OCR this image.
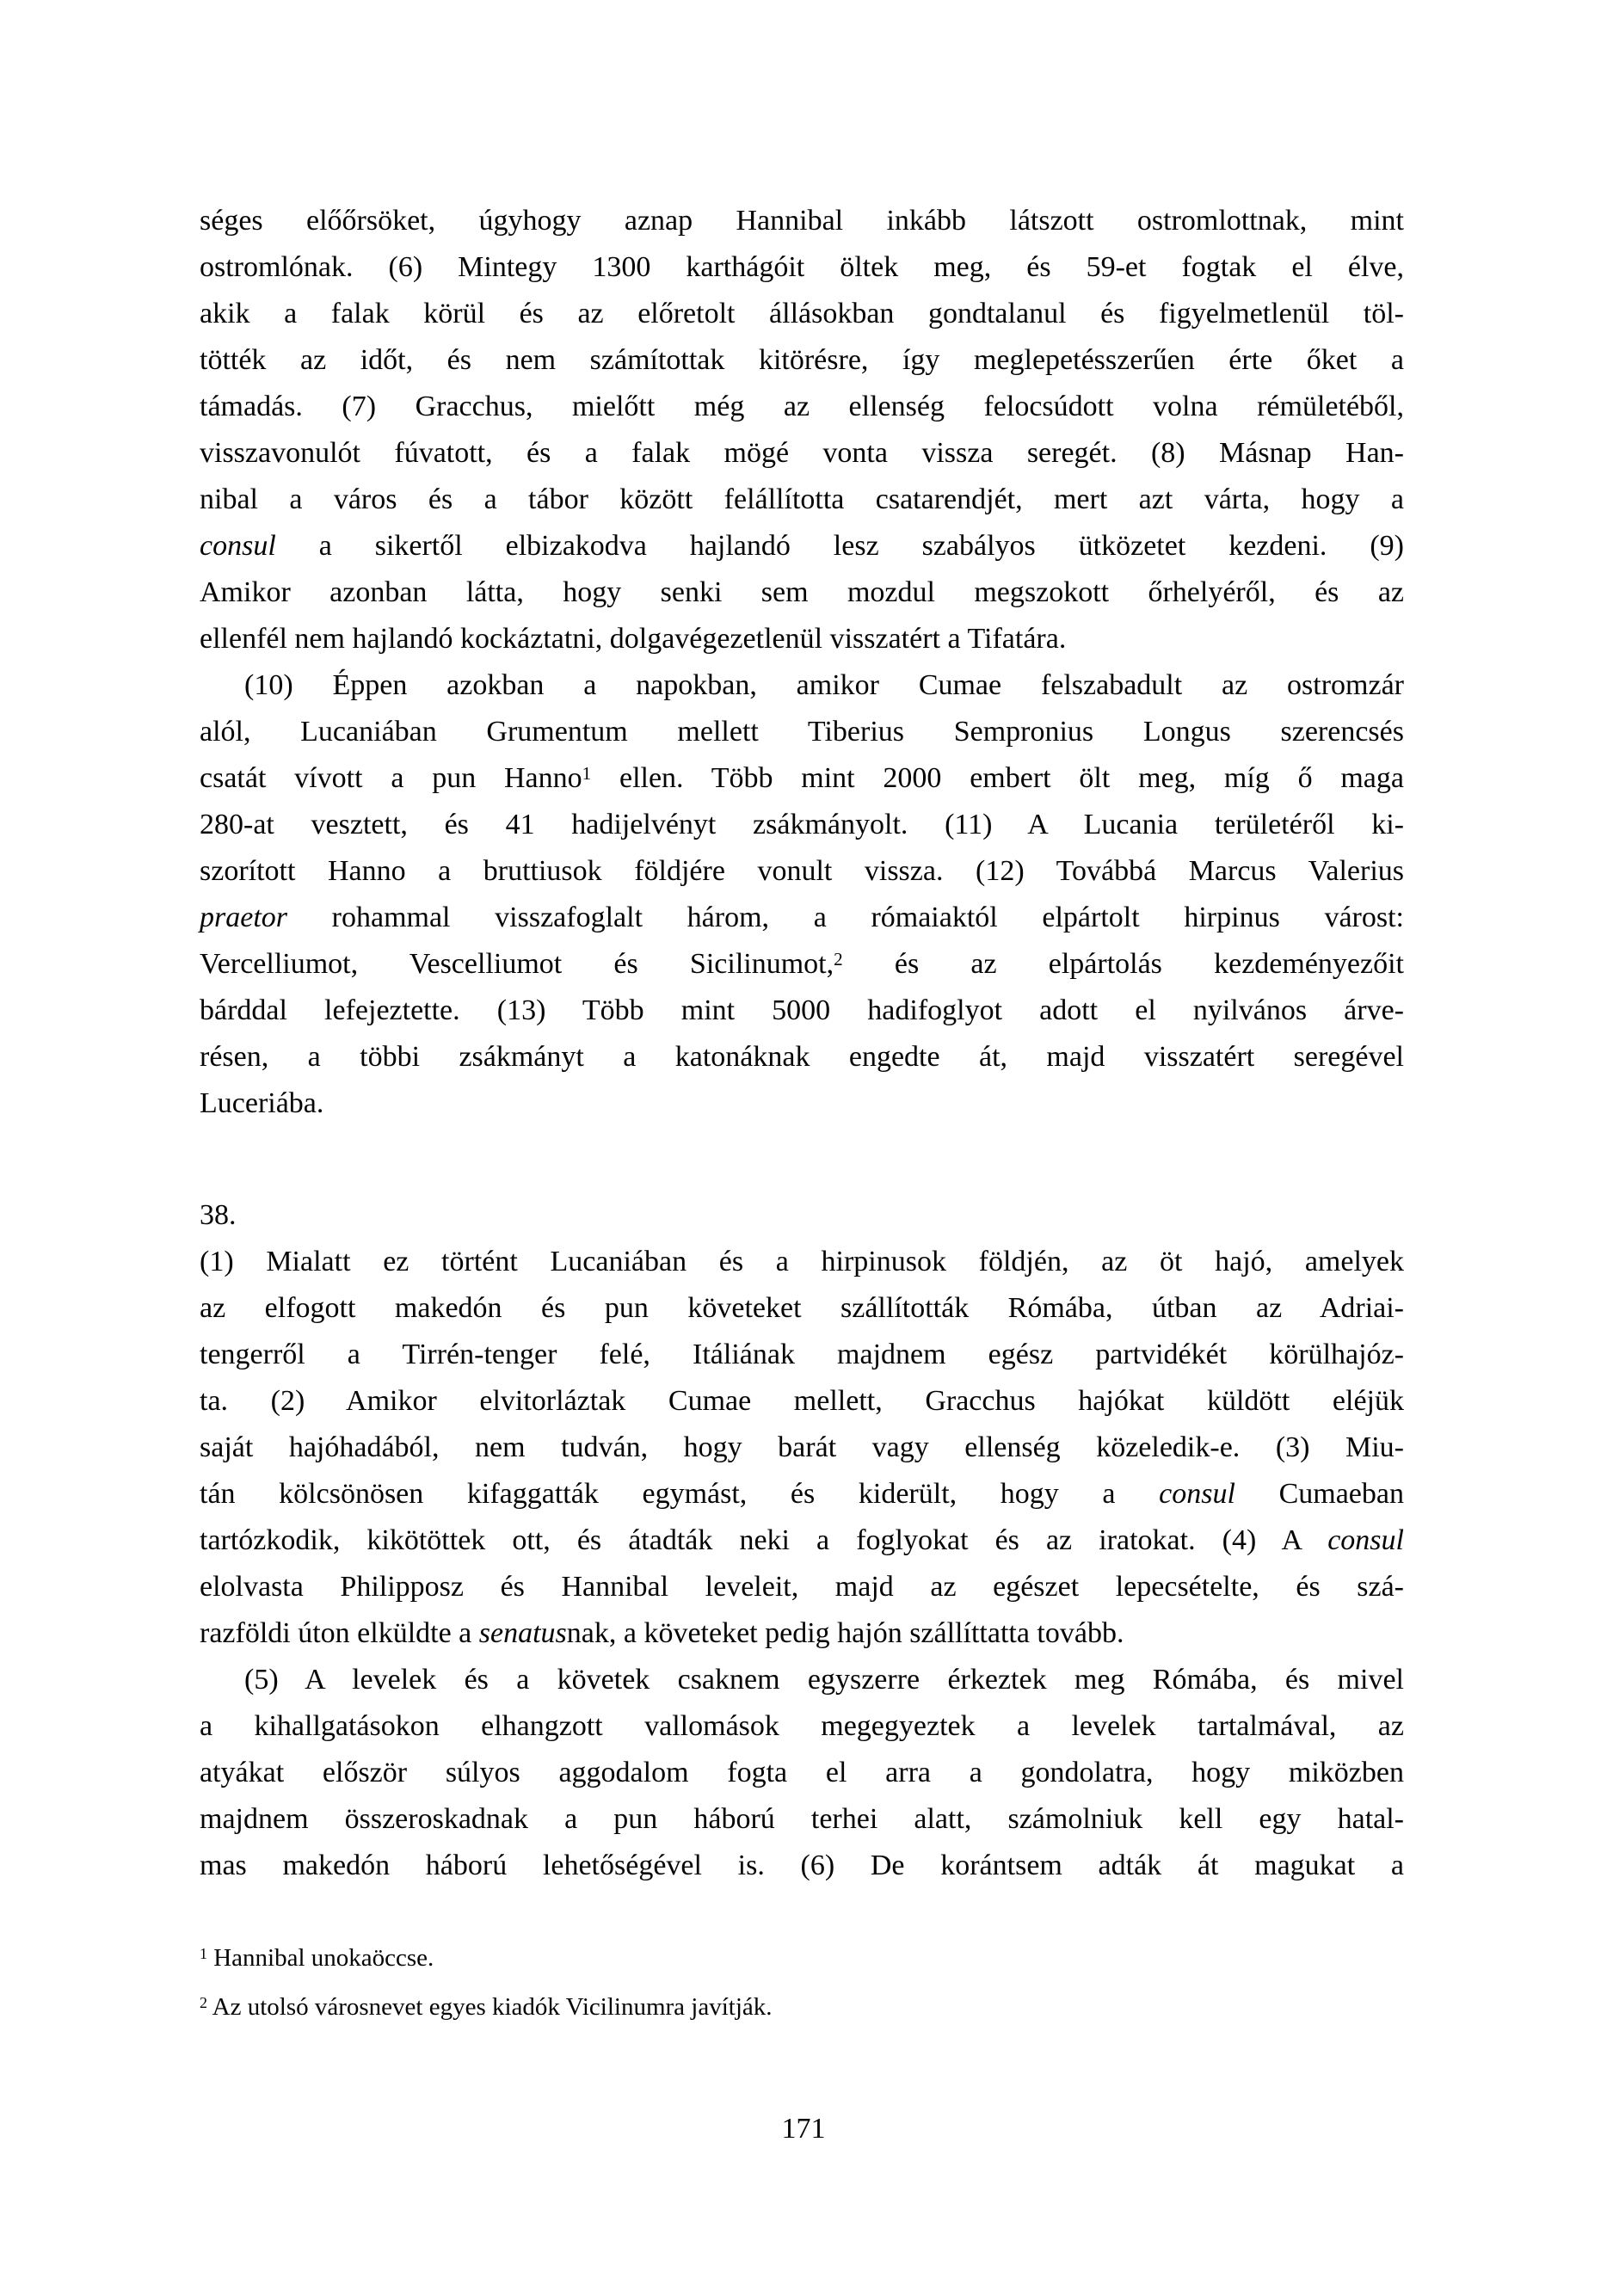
séges előőrsöket, úgyhogy aznap Hannibal inkább látszott ostromlottnak, mint
ostromlónak. (6) Mintegy 1300 karthágóit öltek meg, és 59-et fogtak el élve,
akik a falak körül és az előretolt állásokban gondtalanul és figyelmetlenül töl-
tötték az időt, és nem számítottak kitörésre, így meglepetésszerűen érte őket a
támadás. (7) Gracchus, mielőtt még az ellenség felocsúdott volna rémületéből,
visszavonulót fúvatott, és a falak mögé vonta vissza seregét. (8) Másnap Han-
nibal a város és a tábor között felállította csatarendjét, mert azt várta, hogy a
consul a sikertől elbizakodva hajlandó lesz szabályos ütközetet kezdeni. (9)
Amikor azonban látta, hogy senki sem mozdul megszokott őrhelyéről, és az
ellenfél nem hajlandó kockáztatni, dolgavégezetlenül visszatért a Tifatára.
(10) Éppen azokban a napokban, amikor Cumae felszabadult az ostromzár
alól, Lucaniában Grumentum mellett Tiberius Sempronius Longus szerencsés
csatát vívott a pun Hanno$^1$ ellen. Több mint 2000 embert ölt meg, míg ő maga
280-at vesztett, és 41 hadijelvényt zsákmányolt. (11) A Lucania területéről ki-
szorított Hanno a bruttiusok földjére vonult vissza. (12) Továbbá Marcus Valerius
praetor rohammal visszafoglalt három, a rómaiaktól elpártolt hirpinus várost:
Vercelliumot, Vescelliumot és Sicilinumot,$^2$ és az elpártolás kezdeményezőit
bárddal lefejeztette. (13) Több mint 5000 hadifoglyot adott el nyilvános árve-
résen, a többi zsákmányt a katonáknak engedte át, majd visszatért seregével
Luceriába.
38.
(1) Mialatt ez történt Lucaniában és a hirpinusok földjén, az öt hajó, amelyek
az elfogott makedón és pun követeket szállították Rómába, útban az Adriai-
tengerről a Tirrén-tenger felé, Itáliának majdnem egész partvidékét körülhajóz-
ta. (2) Amikor elvitorláztak Cumae mellett, Gracchus hajókat küldött eléjük
saját hajóhadából, nem tudván, hogy barát vagy ellenség közeledik-e. (3) Miu-
tán kölcsönösen kifaggatták egymást, és kiderült, hogy a consul Cumaeban
tartózkodik, kikötöttek ott, és átadták neki a foglyokat és az iratokat. (4) A consul
elolvasta Philipposz és Hannibal leveleit, majd az egészet lepecsételte, és szá-
razföldi úton elküldte a senatusnak, a követeket pedig hajón szállíttatta tovább.
(5) A levelek és a követek csaknem egyszerre érkeztek meg Rómába, és mivel
a kihallgatásokon elhangzott vallomások megegyeztek a levelek tartalmával, az
atyákat először súlyos aggodalom fogta el arra a gondolatra, hogy miközben
majdnem összeroskadnak a pun háború terhei alatt, számolniuk kell egy hatal-
mas makedón háború lehetőségével is. (6) De korántsem adták át magukat a
$^1$ Hannibal unokaöccse.
$^2$ Az utolsó városnevet egyes kiadók Vicilinumra javítják.
171
